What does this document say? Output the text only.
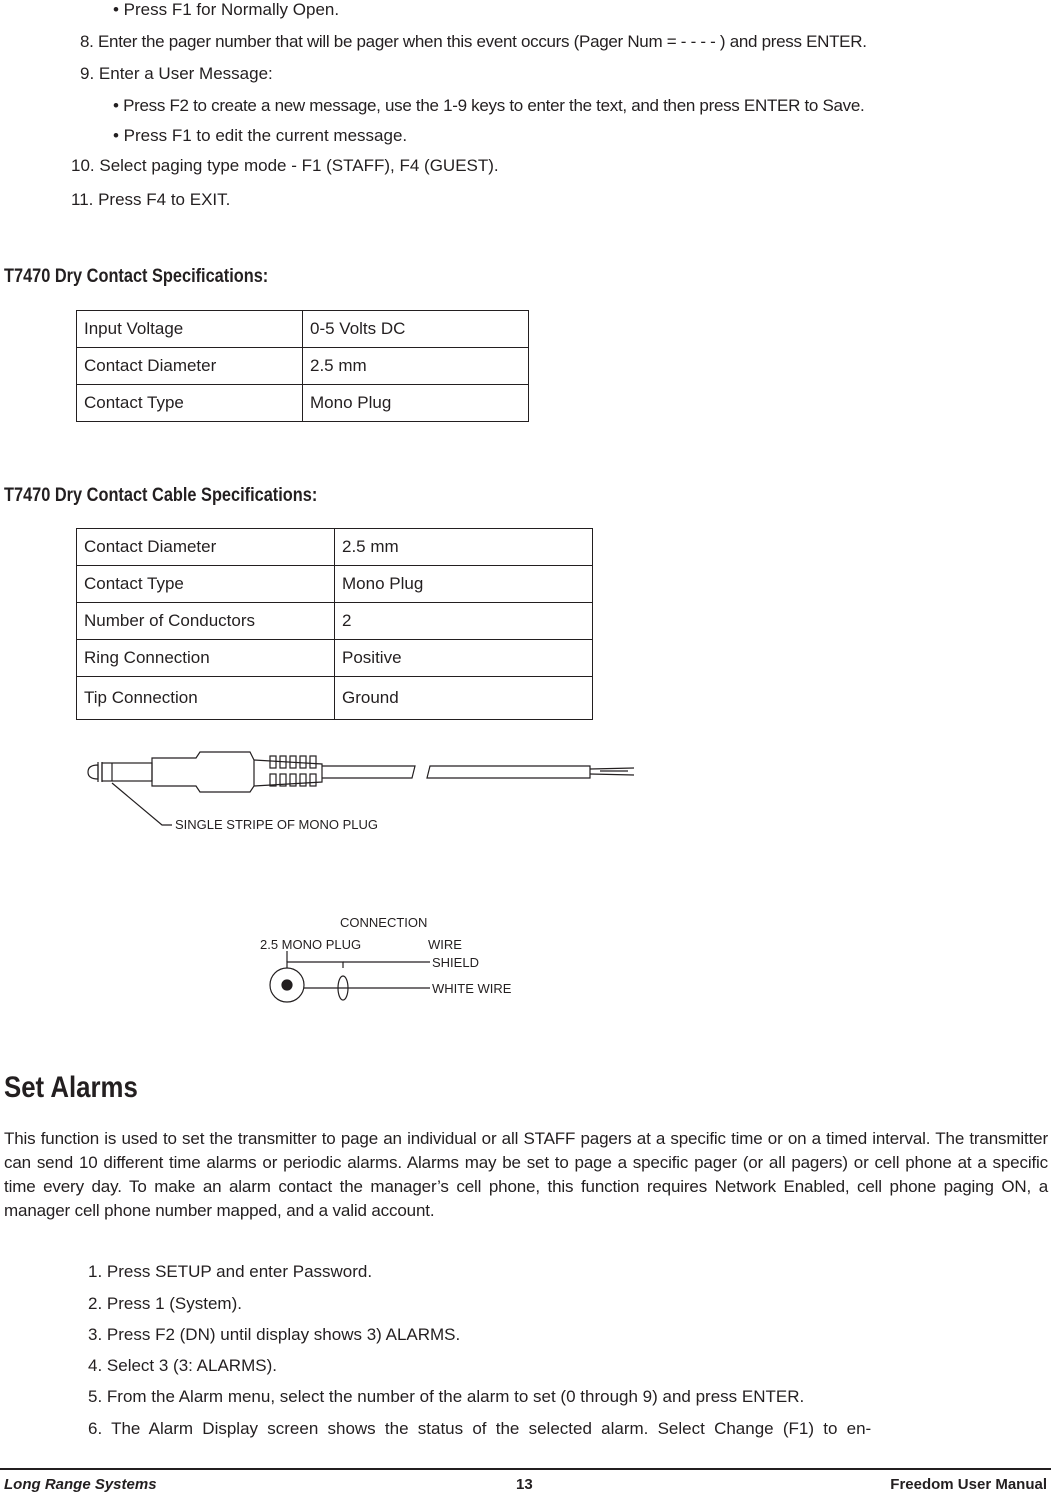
• Press F1 for Normally Open.
8. Enter the pager number that will be pager when this event occurs (Pager Num = - - - - ) and press ENTER.
9. Enter a User Message:
• Press F2 to create a new message, use the 1-9 keys to enter the text, and then press ENTER to Save.
• Press F1 to edit the current message.
10. Select paging type mode - F1 (STAFF), F4 (GUEST).
11. Press F4 to EXIT.
T7470 Dry Contact Specifications:
Input Voltage	0-5 Volts DC
Contact Diameter	2.5 mm
Contact Type	Mono Plug
T7470 Dry Contact Cable Specifications:
Contact Diameter	2.5 mm
Contact Type	Mono Plug
Number of Conductors	2
Ring Connection	Positive
Tip Connection	Ground
SINGLE STRIPE OF MONO PLUG
CONNECTION
2.5 MONO PLUG	WIRE
SHIELD
WHITE WIRE
Set Alarms
This function is used to set the transmitter to page an individual or all STAFF pagers at a specific time or on a timed interval. The transmitter can send 10 different time alarms or periodic alarms. Alarms may be set to page a specific pager (or all pagers) or cell phone at a specific time every day. To make an alarm contact the manager’s cell phone, this function requires Network Enabled, cell phone paging ON, a manager cell phone number mapped, and a valid account.
1. Press SETUP and enter Password.
2. Press 1 (System).
3. Press F2 (DN) until display shows 3) ALARMS.
4. Select 3 (3: ALARMS).
5. From the Alarm menu, select the number of the alarm to set (0 through 9) and press ENTER.
6. The Alarm Display screen shows the status of the selected alarm. Select Change (F1) to en-
Long Range Systems	13	Freedom User Manual
